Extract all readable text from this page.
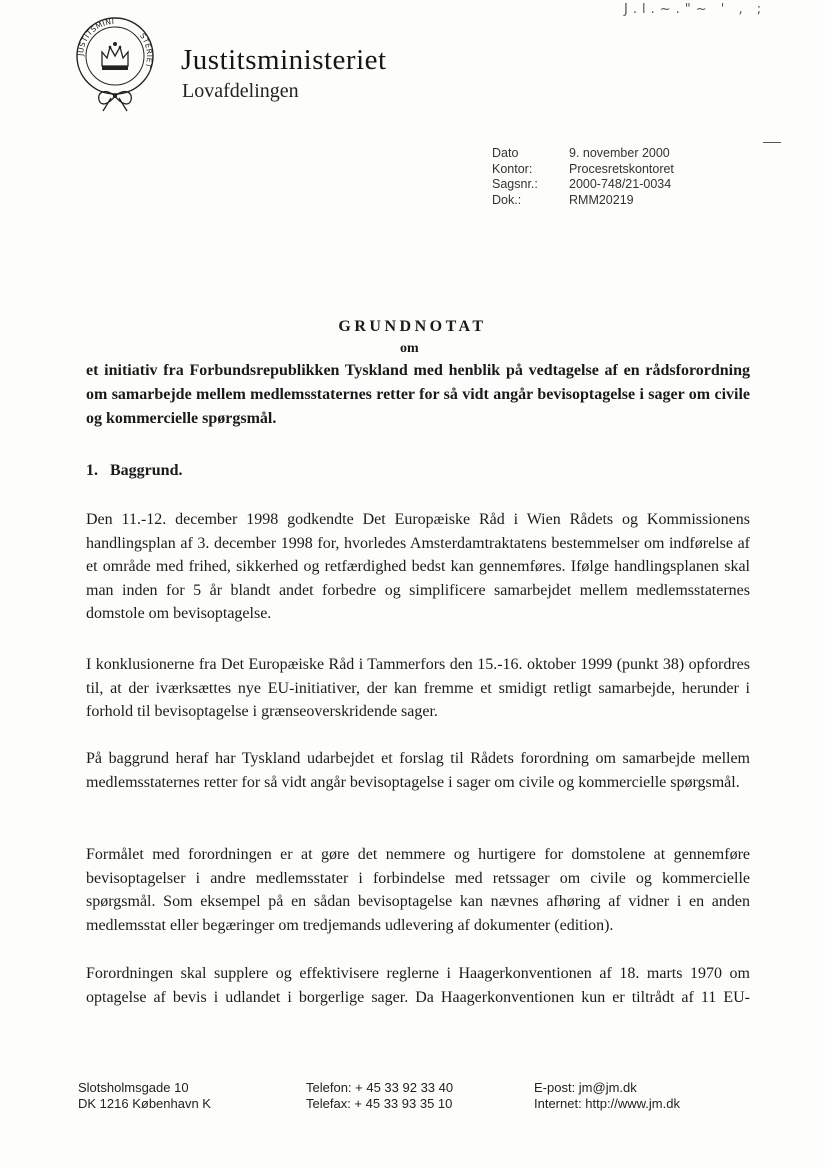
JUSTITSMINI
STERIET Justitsministeriet
Lovafdelingen
J.l.~."~ ' , ;
Dato	9. november 2000
Kontor:	Procesretskontoret
Sagsnr.:	2000-748/21-0034
Dok.:	RMM20219
GRUNDNOTAT
om
et initiativ fra Forbundsrepublikken Tyskland med henblik på vedtagelse af en rådsforordning om samarbejde mellem medlemsstaternes retter for så vidt angår bevisoptagelse i sager om civile og kommercielle spørgsmål.
1. Baggrund.
Den 11.-12. december 1998 godkendte Det Europæiske Råd i Wien Rådets og Kommissionens handlingsplan af 3. december 1998 for, hvorledes Amsterdamtraktatens bestemmelser om indførelse af et område med frihed, sikkerhed og retfærdighed bedst kan gennemføres. Ifølge handlingsplanen skal man inden for 5 år blandt andet forbedre og simplificere samarbejdet mellem medlemsstaternes domstole om bevisoptagelse.
I konklusionerne fra Det Europæiske Råd i Tammerfors den 15.-16. oktober 1999 (punkt 38) opfordres til, at der iværksættes nye EU-initiativer, der kan fremme et smidigt retligt samarbejde, herunder i forhold til bevisoptagelse i grænseoverskridende sager.
På baggrund heraf har Tyskland udarbejdet et forslag til Rådets forordning om samarbejde mellem medlemsstaternes retter for så vidt angår bevisoptagelse i sager om civile og kommercielle spørgsmål.
Formålet med forordningen er at gøre det nemmere og hurtigere for domstolene at gennemføre bevisoptagelser i andre medlemsstater i forbindelse med retssager om civile og kommercielle spørgsmål. Som eksempel på en sådan bevisoptagelse kan nævnes afhøring af vidner i en anden medlemsstat eller begæringer om tredjemands udlevering af dokumenter (edition).
Forordningen skal supplere og effektivisere reglerne i Haagerkonventionen af 18. marts 1970 om optagelse af bevis i udlandet i borgerlige sager. Da Haagerkonventionen kun er tiltrådt af 11 EU-
Slotsholmsgade 10
DK 1216 København K
Telefon: + 45 33 92 33 40
Telefax: + 45 33 93 35 10
E-post: jm@jm.dk
Internet: http://www.jm.dk
